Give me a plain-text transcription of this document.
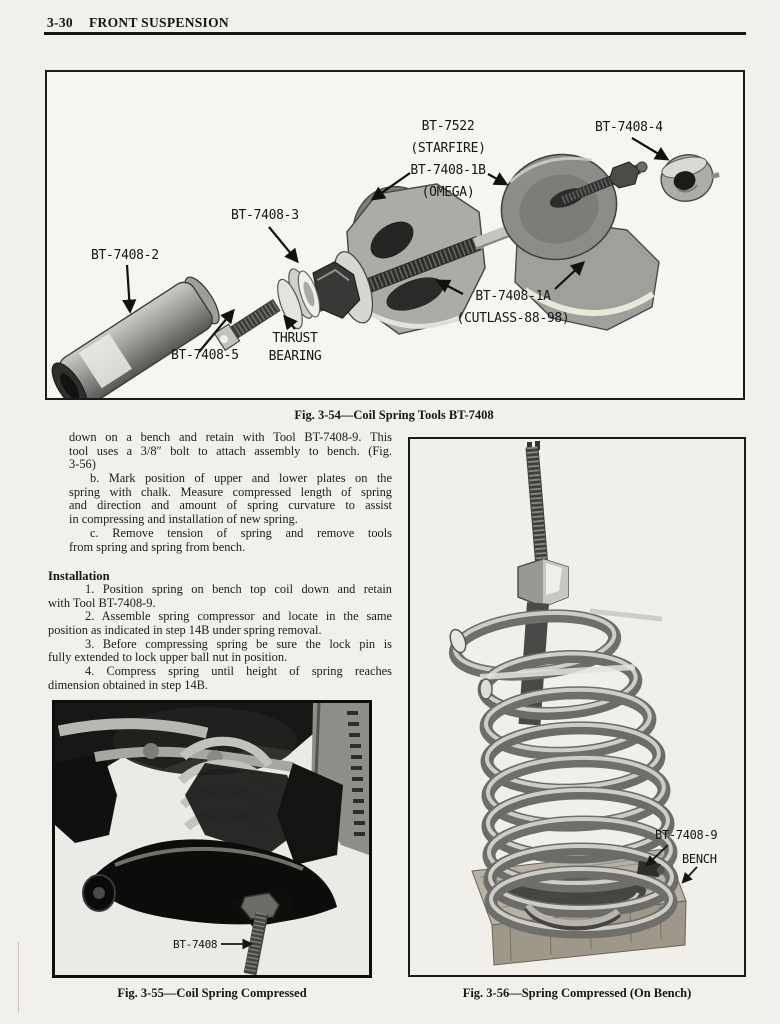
3-30 FRONT SUSPENSION
BT-7522
(STARFIRE)
BT-7408-1B
(OMEGA)
BT-7408-4
BT-7408-3
BT-7408-2
BT-7408-5
THRUST
BEARING
BT-7408-1A
(CUTLASS-88-98)
Fig. 3-54—Coil Spring Tools BT-7408
down on a bench and retain with Tool BT-7408-9. This
tool uses a 3/8″ bolt to attach assembly to bench. (Fig.
3-56)
b. Mark position of upper and lower plates on the
spring with chalk. Measure compressed length of spring
and direction and amount of spring curvature to assist
in compressing and installation of new spring.
c. Remove tension of spring and remove tools
from spring and spring from bench.
Installation
1. Position spring on bench top coil down and retain
with Tool BT-7408-9.
2. Assemble spring compressor and locate in the same
position as indicated in step 14B under spring removal.
3. Before compressing spring be sure the lock pin is
fully extended to lock upper ball nut in position.
4. Compress spring until height of spring reaches
dimension obtained in step 14B.
BT-7408
Fig. 3-55—Coil Spring Compressed
BT-7408-9
BENCH
Fig. 3-56—Spring Compressed (On Bench)
